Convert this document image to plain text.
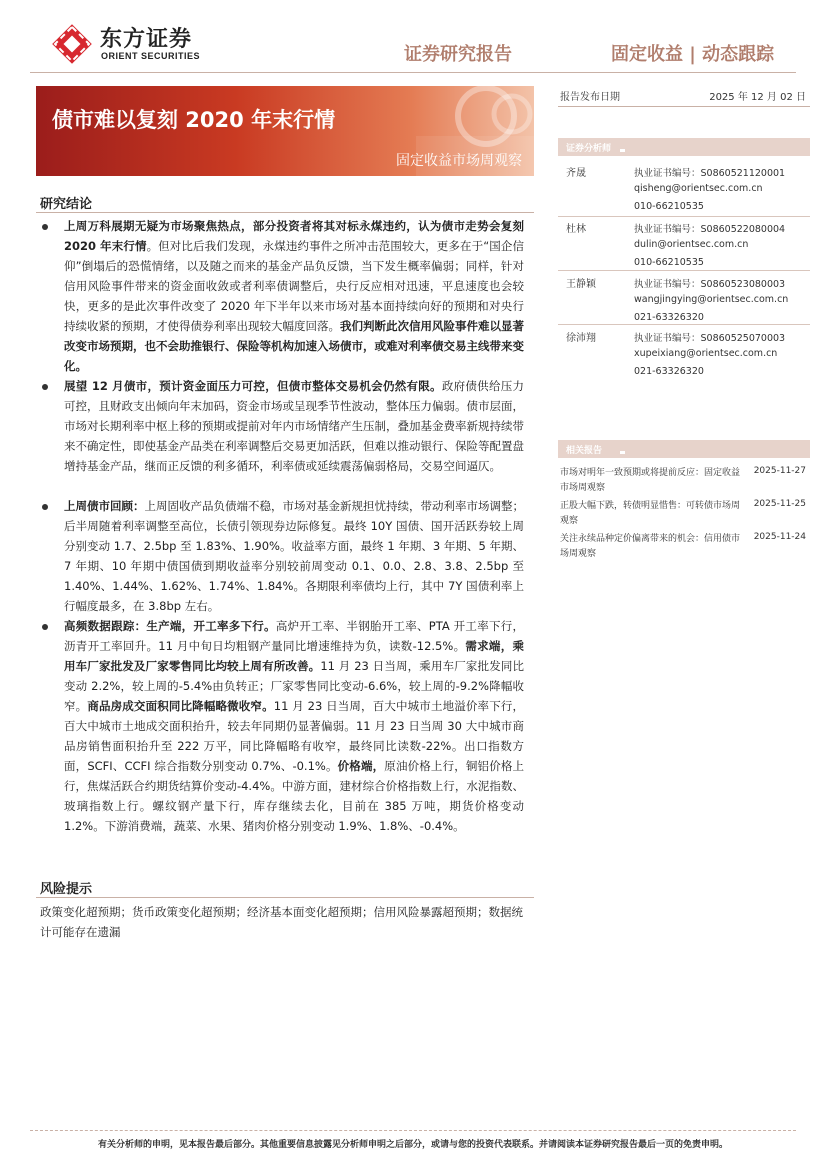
东方证券
ORIENT SECURITIES	证券研究报告	固定收益 | 动态跟踪
债市难以复刻 2020 年末行情
固定收益市场周观察
报告发布日期	2025 年 12 月 02 日
证券分析师
齐晟	执业证书编号：S0860521120001
qisheng@orientsec.com.cn
010-66210535
杜林	执业证书编号：S0860522080004
dulin@orientsec.com.cn
010-66210535
王静颖	执业证书编号：S0860523080003
wangjingying@orientsec.com.cn
021-63326320
徐沛翔	执业证书编号：S0860525070003
xupeixiang@orientsec.com.cn
021-63326320
相关报告
市场对明年一致预期或将提前反应：固定收益市场周观察
2025-11-27
正股大幅下跌，转债明显惜售：可转债市场周观察
2025-11-25
关注永续品种定价偏离带来的机会：信用债市场周观察
2025-11-24
研究结论
上周万科展期无疑为市场聚焦热点，部分投资者将其对标永煤违约，认为债市走势会复刻 2020 年末行情。但对比后我们发现，永煤违约事件之所冲击范围较大，更多在于“国企信仰”倒塌后的恐慌情绪，以及随之而来的基金产品负反馈，当下发生概率偏弱；同样，针对信用风险事件带来的资金面收敛或者利率债调整后，央行反应相对迅速，平息速度也会较快，更多的是此次事件改变了 2020 年下半年以来市场对基本面持续向好的预期和对央行持续收紧的预期，才使得债券利率出现较大幅度回落。我们判断此次信用风险事件难以显著改变市场预期，也不会助推银行、保险等机构加速入场债市，或难对利率债交易主线带来变化。
展望 12 月债市，预计资金面压力可控，但债市整体交易机会仍然有限。政府债供给压力可控，且财政支出倾向年末加码，资金市场或呈现季节性波动，整体压力偏弱。债市层面，市场对长期利率中枢上移的预期或提前对年内市场情绪产生压制，叠加基金费率新规持续带来不确定性，即使基金产品类在利率调整后交易更加活跃，但难以推动银行、保险等配置盘增持基金产品，继而正反馈的利多循环，利率债或延续震荡偏弱格局，交易空间逼仄。
上周债市回顾：上周固收产品负债端不稳，市场对基金新规担忧持续，带动利率市场调整；后半周随着利率调整至高位，长债引领现券边际修复。最终 10Y 国债、国开活跃券较上周分别变动 1.7、2.5bp 至 1.83%、1.90%。收益率方面，最终 1 年期、3 年期、5 年期、7 年期、10 年期中债国债到期收益率分别较前周变动 0.1、0.0、2.8、3.8、2.5bp 至 1.40%、1.44%、1.62%、1.74%、1.84%。各期限利率债均上行，其中 7Y 国债利率上行幅度最多，在 3.8bp 左右。
高频数据跟踪：生产端，开工率多下行。高炉开工率、半钢胎开工率、PTA 开工率下行，沥青开工率回升。11 月中旬日均粗钢产量同比增速维持为负，读数-12.5%。需求端，乘用车厂家批发及厂家零售同比均较上周有所改善。11 月 23 日当周，乘用车厂家批发同比变动 2.2%，较上周的-5.4%由负转正；厂家零售同比变动-6.6%，较上周的-9.2%降幅收窄。商品房成交面积同比降幅略微收窄。11 月 23 日当周，百大中城市土地溢价率下行，百大中城市土地成交面积抬升，较去年同期仍显著偏弱。11 月 23 日当周 30 大中城市商品房销售面积抬升至 222 万平，同比降幅略有收窄，最终同比读数-22%。出口指数方面，SCFI、CCFI 综合指数分别变动 0.7%、-0.1%。价格端，原油价格上行，铜铝价格上行，焦煤活跃合约期货结算价变动-4.4%。中游方面，建材综合价格指数上行，水泥指数、玻璃指数上行。螺纹钢产量下行，库存继续去化，目前在 385 万吨，期货价格变动 1.2%。下游消费端，蔬菜、水果、猪肉价格分别变动 1.9%、1.8%、-0.4%。
风险提示
政策变化超预期；货币政策变化超预期；经济基本面变化超预期；信用风险暴露超预期；数据统计可能存在遗漏
有关分析师的申明，见本报告最后部分。其他重要信息披露见分析师申明之后部分，或请与您的投资代表联系。并请阅读本证券研究报告最后一页的免责申明。
